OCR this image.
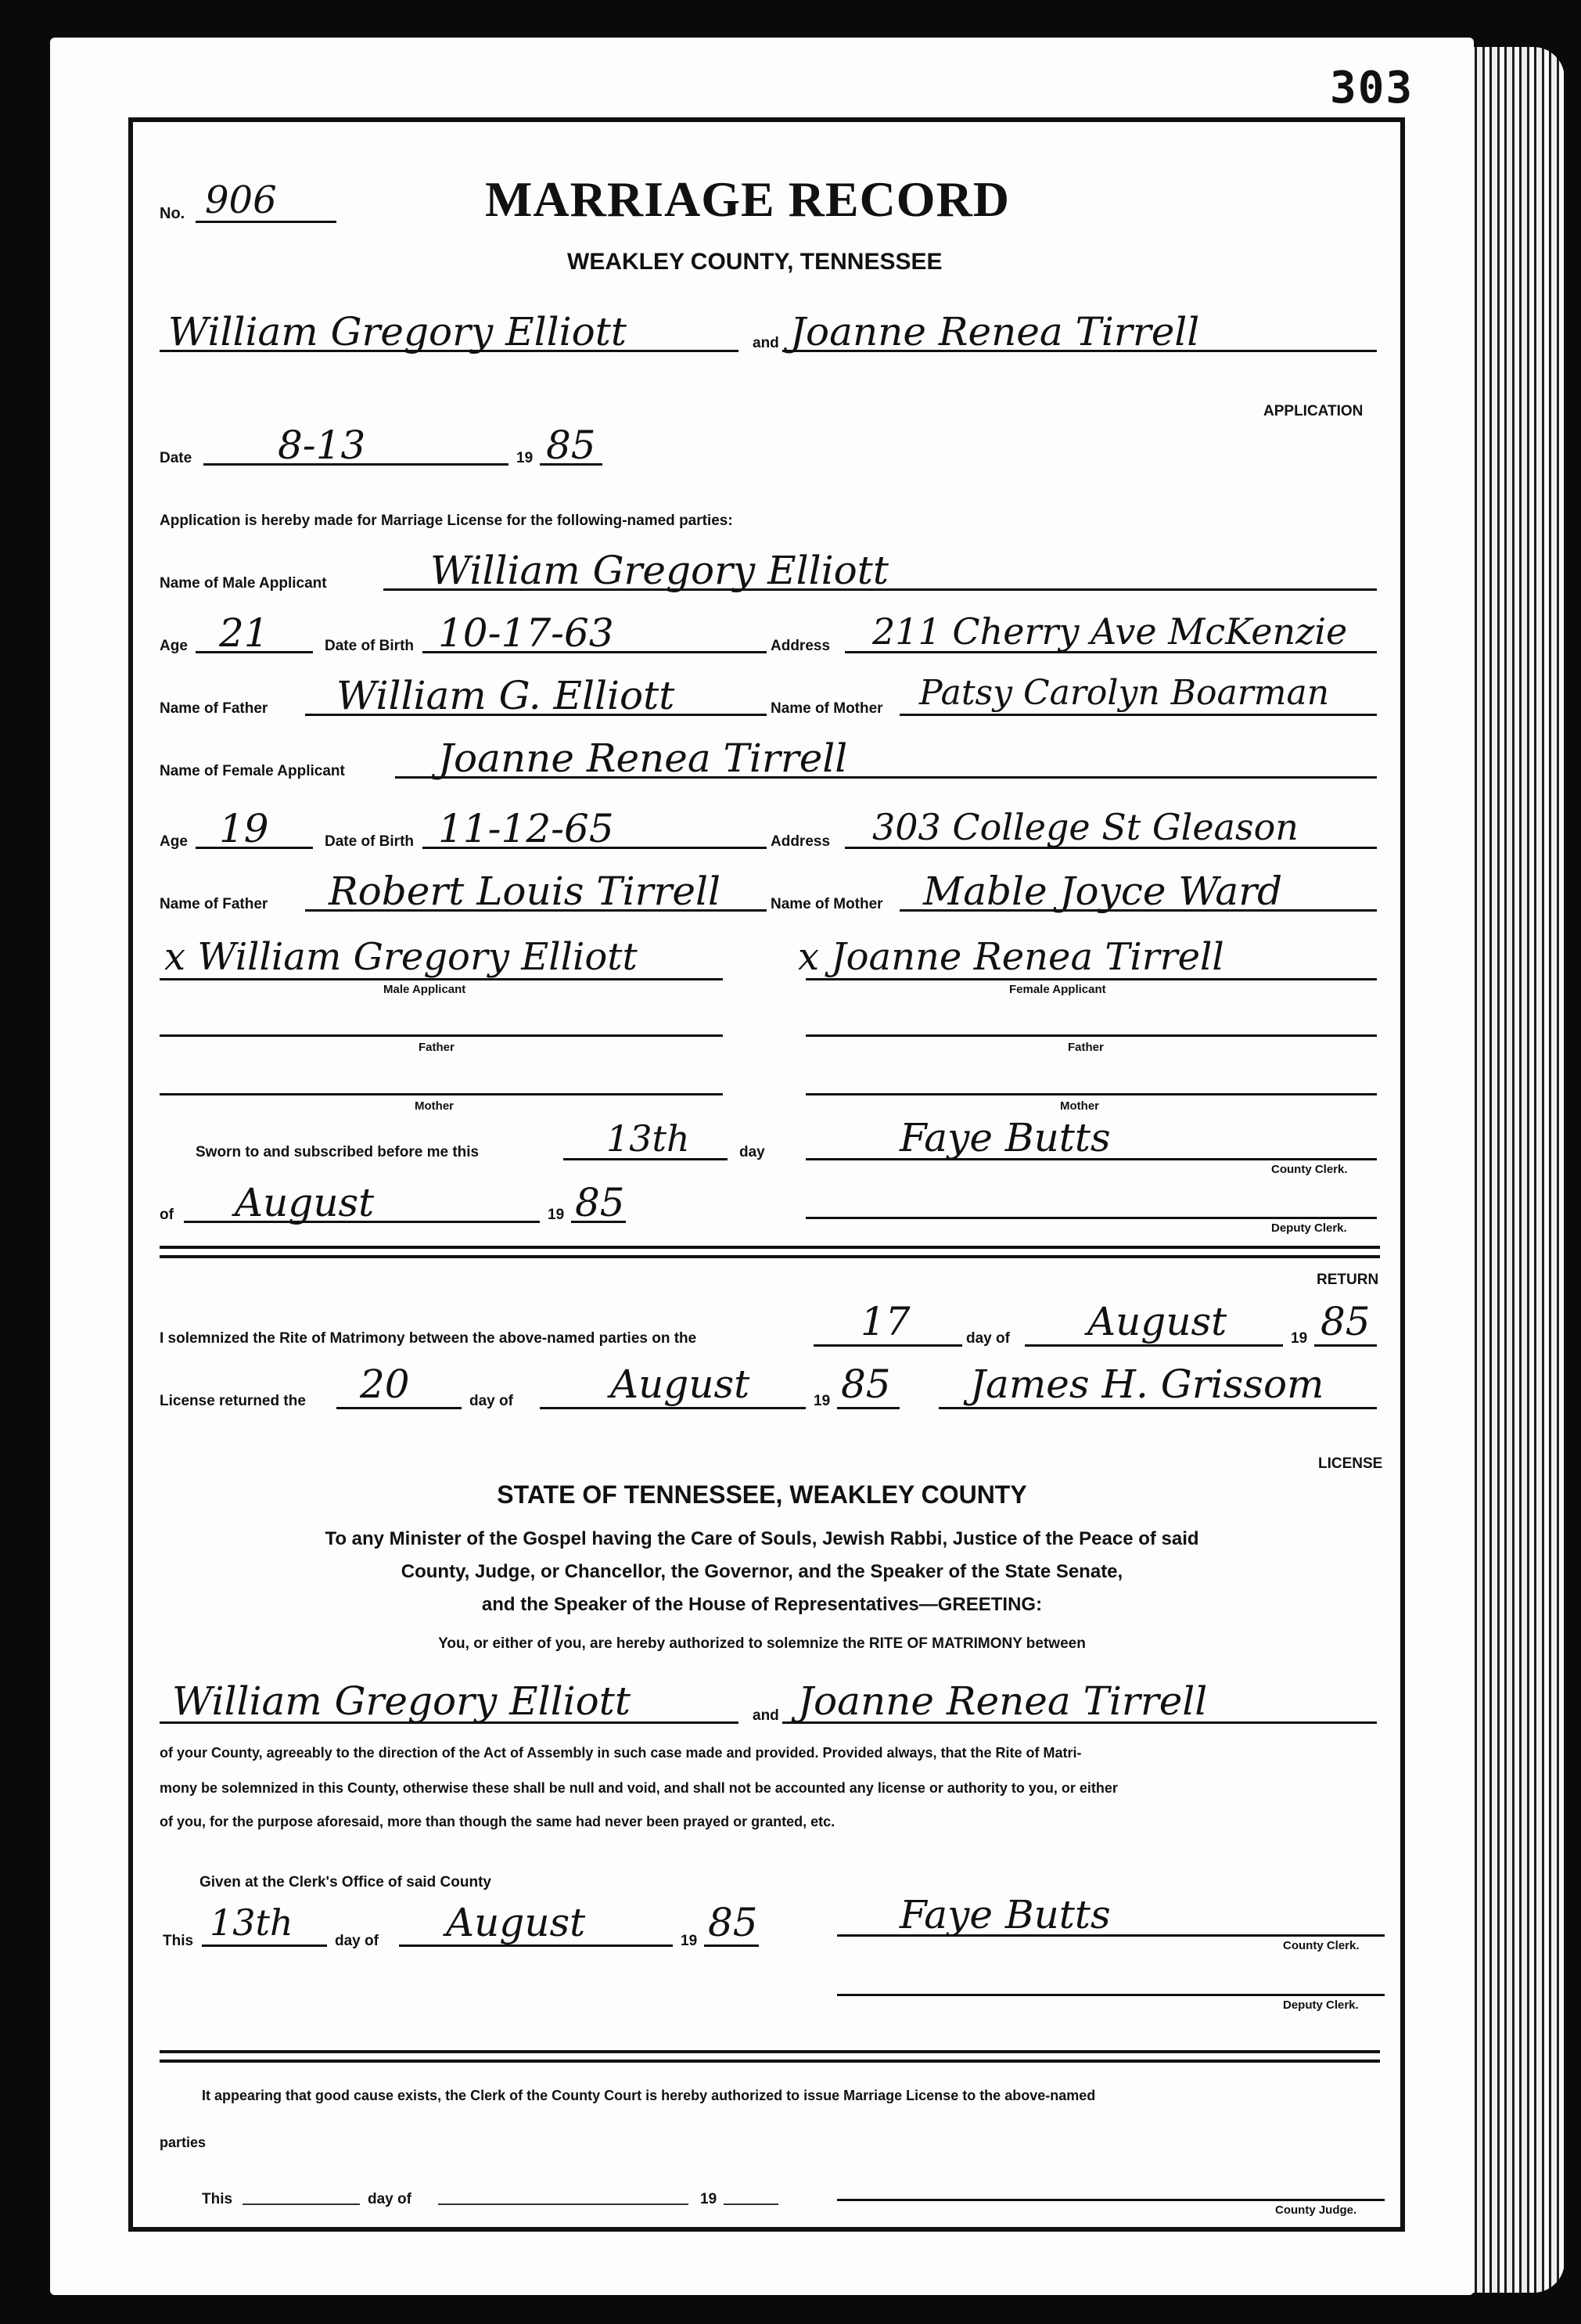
303
No. 906	MARRIAGE RECORD
WEAKLEY COUNTY, TENNESSEE
William Gregory Elliott	and Joanne Renea Tirrell
APPLICATION
Date 8-13	19 85
Application is hereby made for Marriage License for the following-named parties:
Name of Male Applicant	William Gregory Elliott
Age 21	Date of Birth 10-17-63	Address 211 Cherry Ave McKenzie
Name of Father William G. Elliott	Name of Mother Patsy Carolyn Boarman
Name of Female Applicant Joanne Renea Tirrell
Age 19	Date of Birth 11-12-65	Address 303 College St Gleason
Name of Father Robert Louis Tirrell	Name of Mother Mable Joyce Ward
x William Gregory Elliott
Male Applicant
x Joanne Renea Tirrell
Female Applicant
Father	Father
Mother	Mother
Sworn to and subscribed before me this	13th	day	Faye Butts
County Clerk.
of August	19 85
Deputy Clerk.
RETURN
I solemnized the Rite of Matrimony between the above-named parties on the	17	day of August	19 85
License returned the 20	day of August	19 85 James H. Grissom
LICENSE
STATE OF TENNESSEE, WEAKLEY COUNTY
To any Minister of the Gospel having the Care of Souls, Jewish Rabbi, Justice of the Peace of said
County, Judge, or Chancellor, the Governor, and the Speaker of the State Senate,
and the Speaker of the House of Representatives—GREETING:
You, or either of you, are hereby authorized to solemnize the RITE OF MATRIMONY between
William Gregory Elliott	and Joanne Renea Tirrell
of your County, agreeably to the direction of the Act of Assembly in such case made and provided. Provided always, that the Rite of Matri-
mony be solemnized in this County, otherwise these shall be null and void, and shall not be accounted any license or authority to you, or either
of you, for the purpose aforesaid, more than though the same had never been prayed or granted, etc.
Given at the Clerk's Office of said County
This 13th	day of August	19 85	Faye Butts
County Clerk.
Deputy Clerk.
It appearing that good cause exists, the Clerk of the County Court is hereby authorized to issue Marriage License to the above-named
parties
This	day of	19
County Judge.
